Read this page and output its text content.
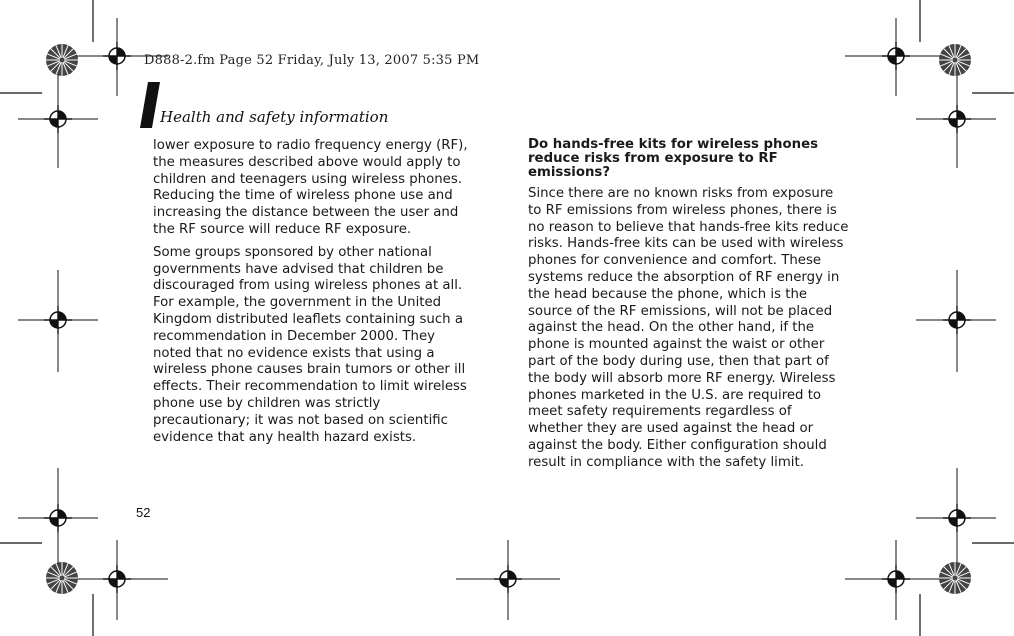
D888-2.fm Page 52 Friday, July 13, 2007 5:35 PM
Health and safety information

lower exposure to radio frequency energy (RF),
the measures described above would apply to
children and teenagers using wireless phones.
Reducing the time of wireless phone use and
increasing the distance between the user and
the RF source will reduce RF exposure.

Some groups sponsored by other national
governments have advised that children be
discouraged from using wireless phones at all.
For example, the government in the United
Kingdom distributed leaflets containing such a
recommendation in December 2000. They
noted that no evidence exists that using a
wireless phone causes brain tumors or other ill
effects. Their recommendation to limit wireless
phone use by children was strictly
precautionary; it was not based on scientific
evidence that any health hazard exists.

Do hands-free kits for wireless phones
reduce risks from exposure to RF
emissions?

Since there are no known risks from exposure
to RF emissions from wireless phones, there is
no reason to believe that hands-free kits reduce
risks. Hands-free kits can be used with wireless
phones for convenience and comfort. These
systems reduce the absorption of RF energy in
the head because the phone, which is the
source of the RF emissions, will not be placed
against the head. On the other hand, if the
phone is mounted against the waist or other
part of the body during use, then that part of
the body will absorb more RF energy. Wireless
phones marketed in the U.S. are required to
meet safety requirements regardless of
whether they are used against the head or
against the body. Either configuration should
result in compliance with the safety limit.

52
